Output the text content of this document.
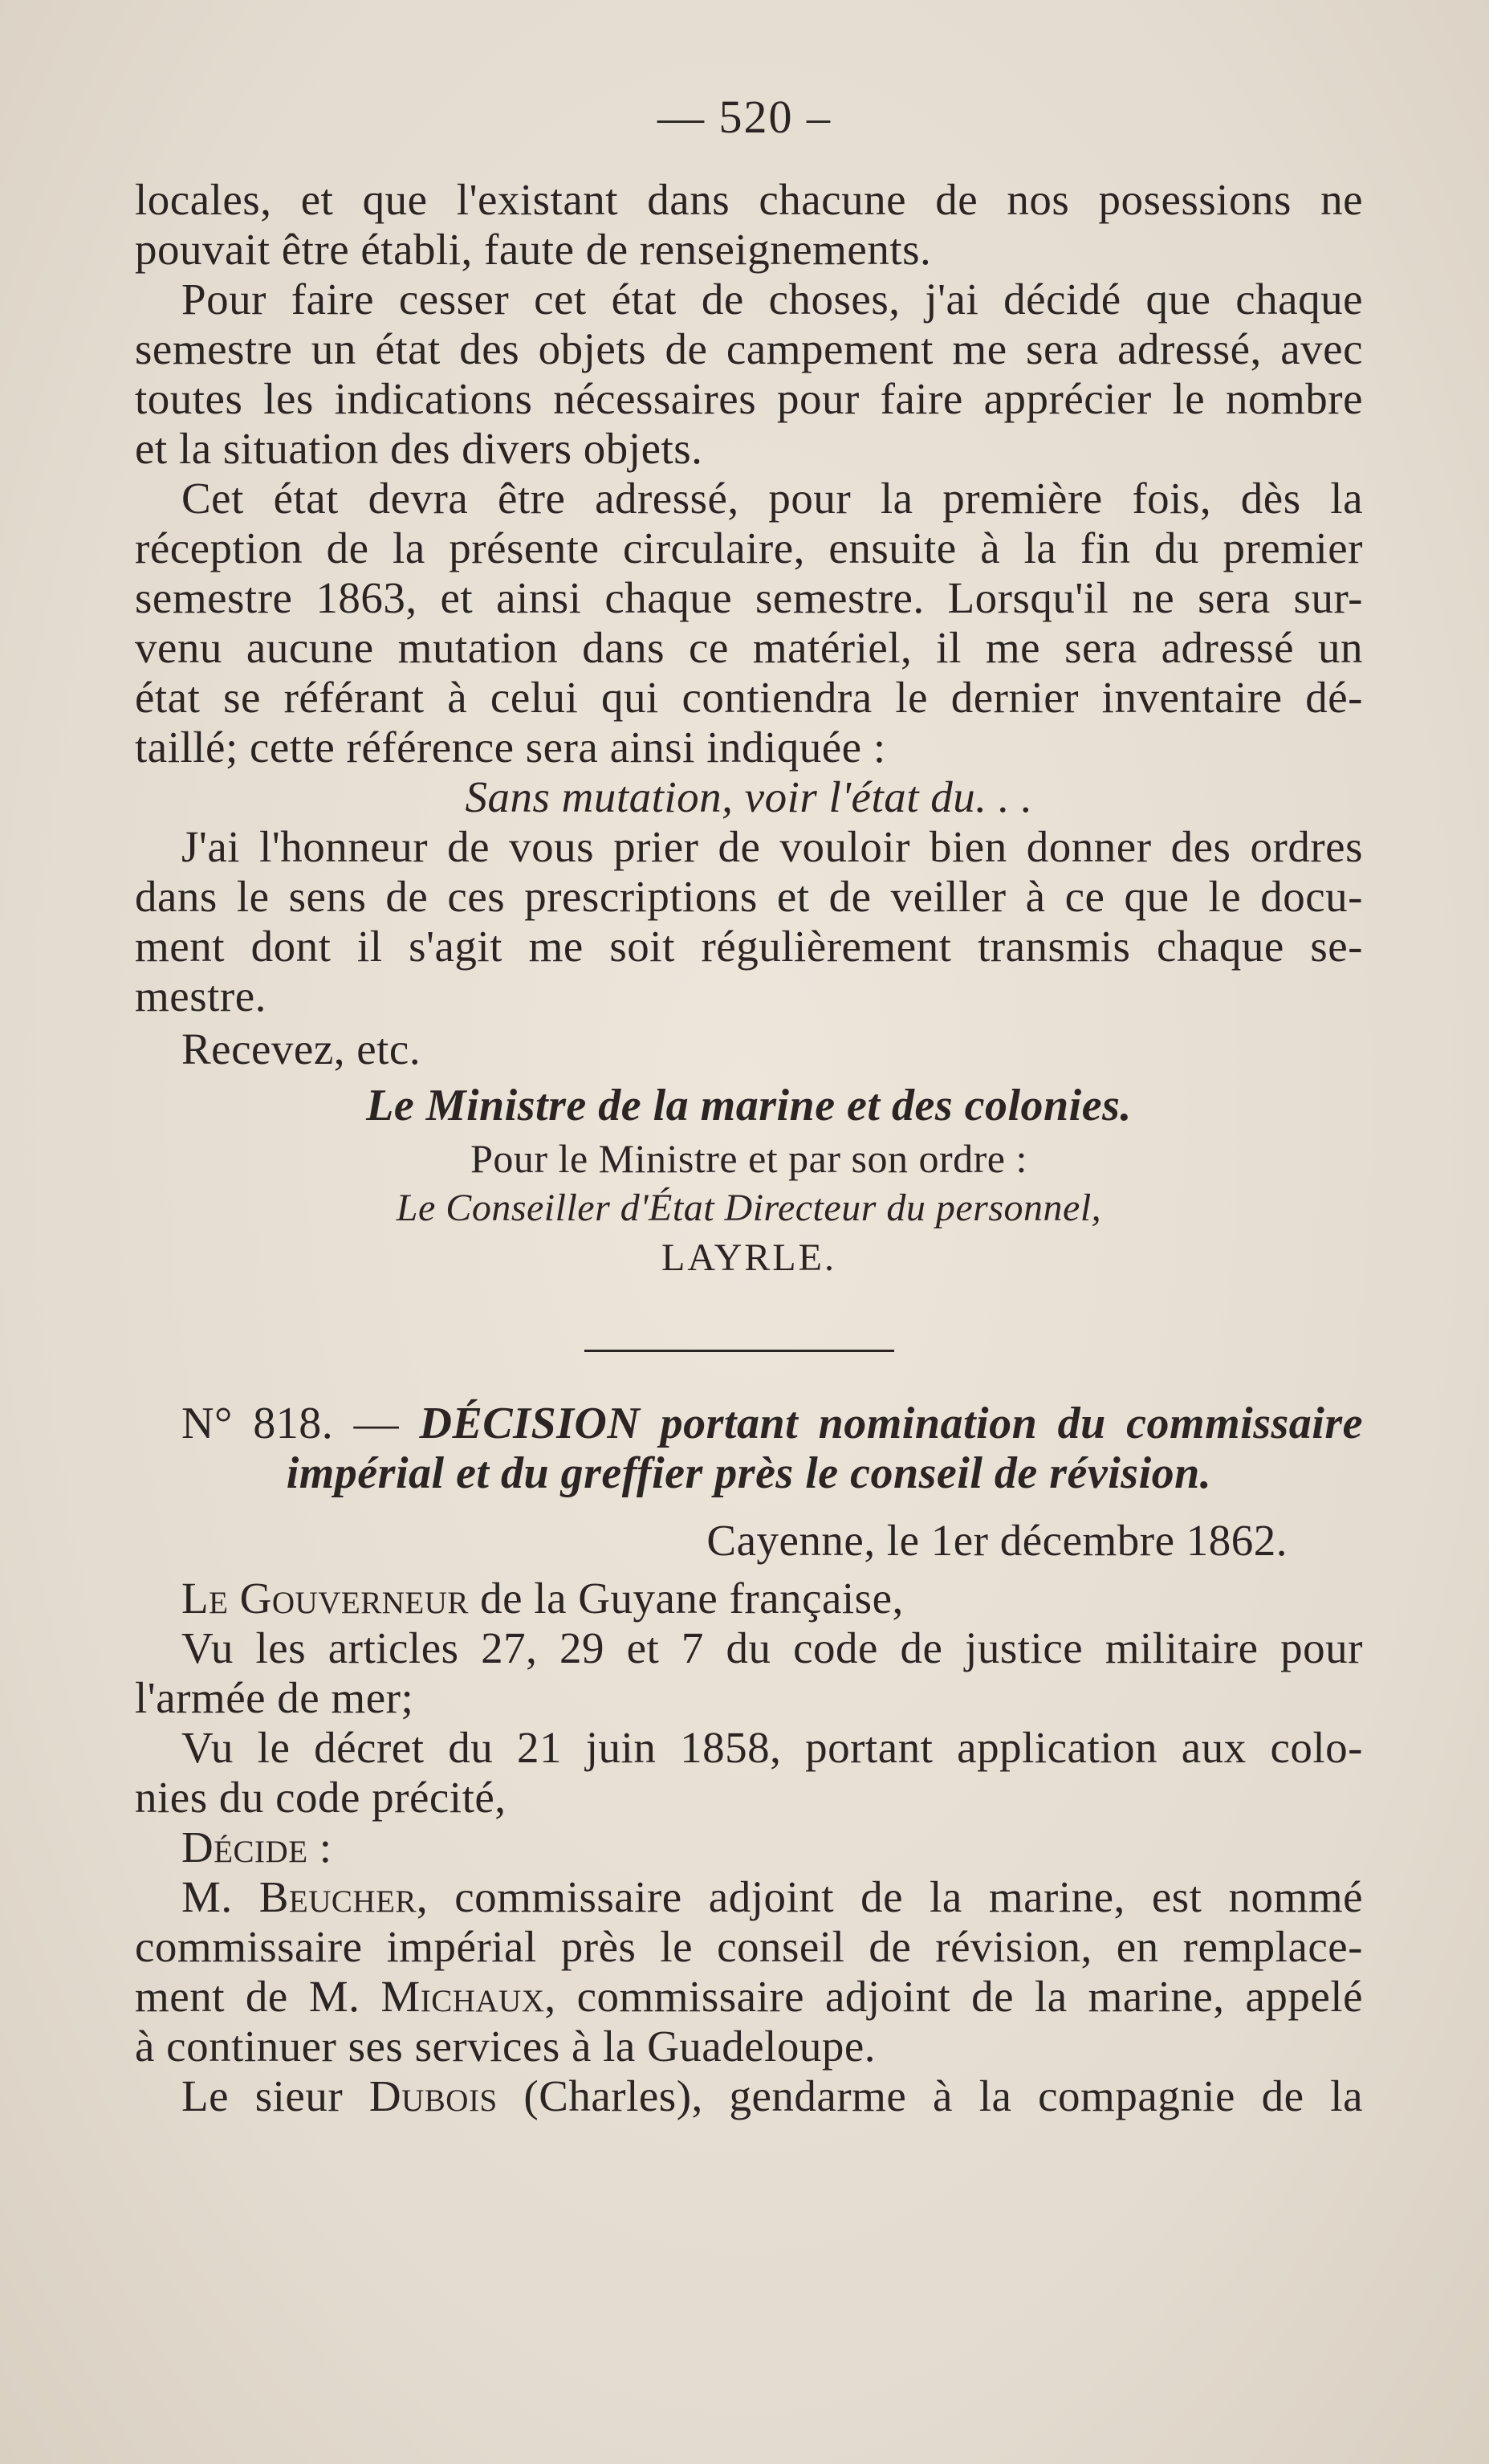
— 520 –

locales, et que l'existant dans chacune de nos posessions ne

pouvait être établi, faute de renseignements.

Pour faire cesser cet état de choses, j'ai décidé que chaque

semestre un état des objets de campement me sera adressé, avec

toutes les indications nécessaires pour faire apprécier le nombre

et la situation des divers objets.

Cet état devra être adressé, pour la première fois, dès la

réception de la présente circulaire, ensuite à la fin du premier

semestre 1863, et ainsi chaque semestre. Lorsqu'il ne sera sur-

venu aucune mutation dans ce matériel, il me sera adressé un

état se référant à celui qui contiendra le dernier inventaire dé-

taillé; cette référence sera ainsi indiquée :

Sans mutation, voir l'état du. . .

J'ai l'honneur de vous prier de vouloir bien donner des ordres

dans le sens de ces prescriptions et de veiller à ce que le docu-

ment dont il s'agit me soit régulièrement transmis chaque se-

mestre.

Recevez, etc.

Le Ministre de la marine et des colonies.

Pour le Ministre et par son ordre :

Le Conseiller d'État Directeur du personnel,

LAYRLE.

N° 818. — DÉCISION portant nomination du commissaire

impérial et du greffier près le conseil de révision.

Cayenne, le 1er décembre 1862.

Le Gouverneur de la Guyane française,

Vu les articles 27, 29 et 7 du code de justice militaire pour

l'armée de mer;

Vu le décret du 21 juin 1858, portant application aux colo-

nies du code précité,

Décide :

M. Beucher, commissaire adjoint de la marine, est nommé

commissaire impérial près le conseil de révision, en remplace-

ment de M. Michaux, commissaire adjoint de la marine, appelé

à continuer ses services à la Guadeloupe.

Le sieur Dubois (Charles), gendarme à la compagnie de la
